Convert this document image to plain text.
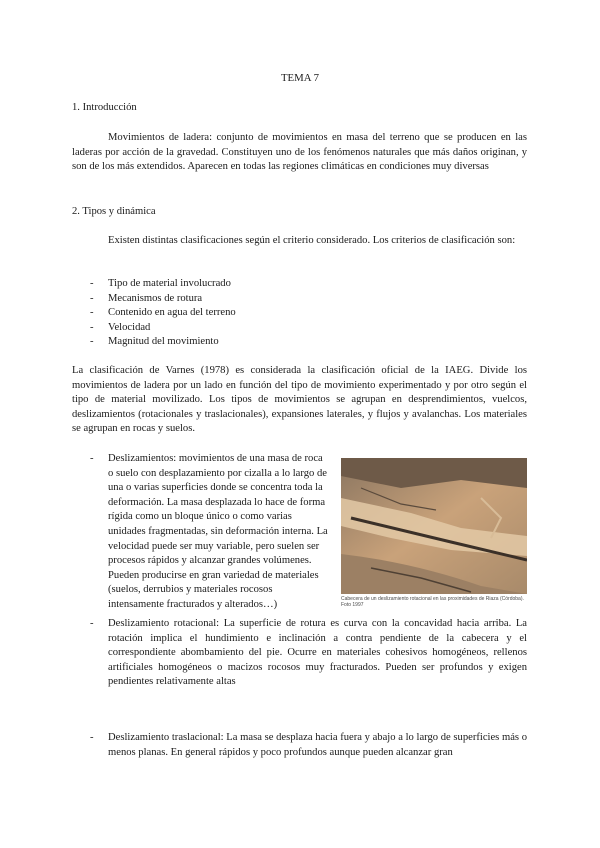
TEMA 7
1. Introducción
Movimientos de ladera: conjunto de movimientos en masa del terreno que se producen en las laderas por acción de la gravedad. Constituyen uno de los fenómenos naturales que más daños originan, y son de los más extendidos. Aparecen en todas las regiones climáticas en condiciones muy diversas
2. Tipos y dinámica
Existen distintas clasificaciones según el criterio considerado. Los criterios de clasificación son:
- Tipo de material involucrado
- Mecanismos de rotura
- Contenido en agua del terreno
- Velocidad
- Magnitud del movimiento
La clasificación de Varnes (1978) es considerada la clasificación oficial de la IAEG. Divide los movimientos de ladera por un lado en función del tipo de movimiento experimentado y por otro según el tipo de material movilizado. Los tipos de movimientos se agrupan en desprendimientos, vuelcos, deslizamientos (rotacionales y traslacionales), expansiones laterales, y flujos y avalanchas. Los materiales se agrupan en rocas y suelos.
- Deslizamientos: movimientos de una masa de roca o suelo con desplazamiento por cizalla a lo largo de una o varias superficies donde se concentra toda la deformación. La masa desplazada lo hace de forma rígida como un bloque único o como varias unidades fragmentadas, sin deformación interna. La velocidad puede ser muy variable, pero suelen ser procesos rápidos y alcanzar grandes volúmenes. Pueden producirse en gran variedad de materiales (suelos, derrubios y materiales rocosos intensamente fracturados y alterados…)	Cabecera de un deslizamiento rotacional en las proximidades de Riaza (Córdoba). Foto 1997
- Deslizamiento rotacional: La superficie de rotura es curva con la concavidad hacia arriba. La rotación implica el hundimiento e inclinación a contra pendiente de la cabecera y el correspondiente abombamiento del pie. Ocurre en materiales cohesivos homogéneos, rellenos artificiales homogéneos o macizos rocosos muy fracturados. Pueden ser profundos y exigen pendientes relativamente altas
- Deslizamiento traslacional: La masa se desplaza hacia fuera y abajo a lo largo de superficies más o menos planas. En general rápidos y poco profundos aunque pueden alcanzar gran
